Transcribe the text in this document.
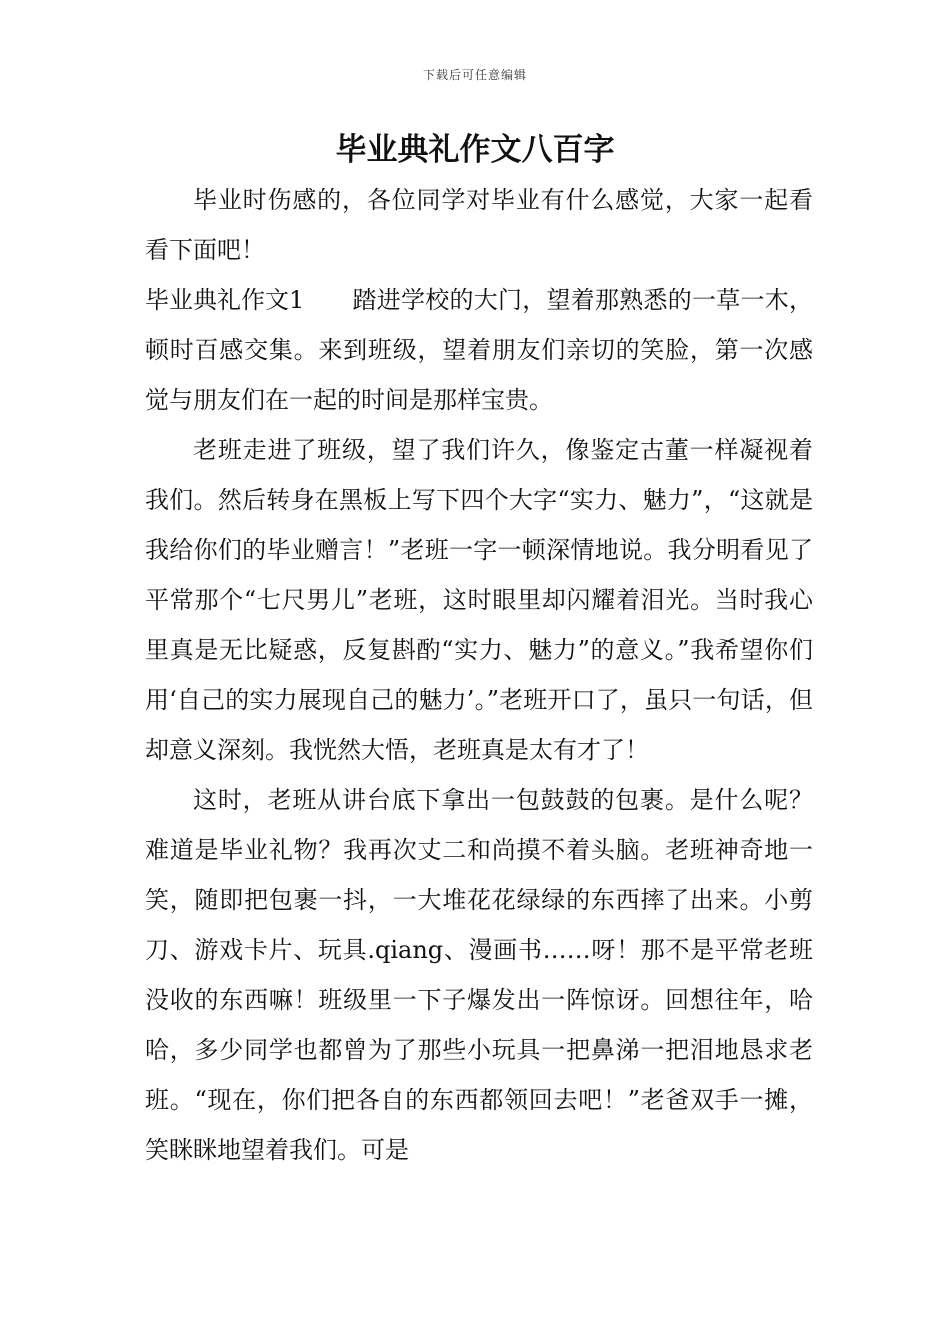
下载后可任意编辑
毕业典礼作文八百字

毕业时伤感的，各位同学对毕业有什么感觉，大家一起看看下面吧！

毕业典礼作文1 踏进学校的大门，望着那熟悉的一草一木，顿时百感交集。来到班级，望着朋友们亲切的笑脸，第一次感觉与朋友们在一起的时间是那样宝贵。

老班走进了班级，望了我们许久，像鉴定古董一样凝视着我们。然后转身在黑板上写下四个大字“实力、魅力”，“这就是我给你们的毕业赠言！”老班一字一顿深情地说。我分明看见了平常那个“七尺男儿”老班，这时眼里却闪耀着泪光。当时我心里真是无比疑惑，反复斟酌“实力、魅力”的意义。”我希望你们用‘自己的实力展现自己的魅力’。”老班开口了，虽只一句话，但却意义深刻。我恍然大悟，老班真是太有才了！

这时，老班从讲台底下拿出一包鼓鼓的包裹。是什么呢？难道是毕业礼物？我再次丈二和尚摸不着头脑。老班神奇地一笑，随即把包裹一抖，一大堆花花绿绿的东西摔了出来。小剪刀、游戏卡片、玩具.qiang、漫画书……呀！那不是平常老班没收的东西嘛！班级里一下子爆发出一阵惊讶。回想往年，哈哈，多少同学也都曾为了那些小玩具一把鼻涕一把泪地恳求老班。“现在，你们把各自的东西都领回去吧！”老爸双手一摊，笑眯眯地望着我们。可是
